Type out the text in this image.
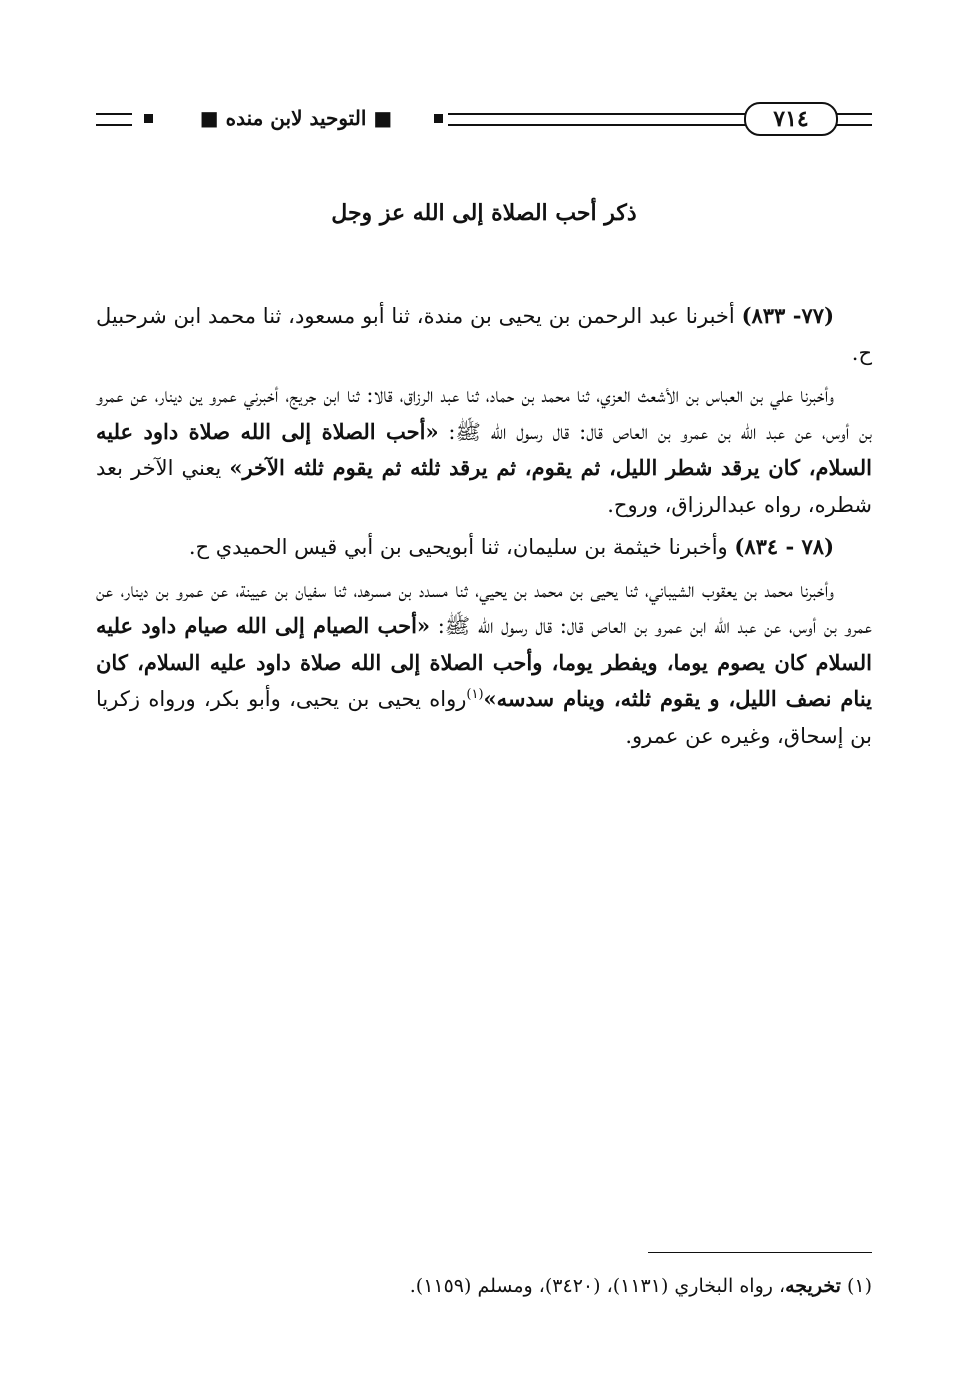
■ التوحيد لابن منده ■	٧١٤
ذكر أحب الصلاة إلى الله عز وجل

(٧٧- ٨٣٣) أخبرنا عبد الرحمن بن يحيى بن مندة، ثنا أبو مسعود، ثنا محمد ابن شرحبيل ح.

وأخبرنا علي بن العباس بن الأشعث العزي، ثنا محمد بن حماد، ثنا عبد الرزاق، قالا: ثنا ابن جريج، أخبرني عمرو ين دينار، عن عمرو بن أوس، عن عبد الله بن عمرو بن العاص قال: قال رسول الله ﷺ: «أحب الصلاة إلى الله صلاة داود عليه السلام، كان يرقد شطر الليل، ثم يقوم، ثم يرقد ثلثه ثم يقوم ثلثه الآخر» يعني الآخر بعد شطره، رواه عبدالرزاق، وروح.

(٧٨ - ٨٣٤) وأخبرنا خيثمة بن سليمان، ثنا أبويحيى بن أبي قيس الحميدي ح.

وأخبرنا محمد بن يعقوب الشيباني، ثنا يحيى بن محمد بن يحيي، ثنا مسدد بن مسرهد، ثنا سفيان بن عيينة، عن عمرو بن دينار، عن عمرو بن أوس، عن عبد الله ابن عمرو بن العاص قال: قال رسول الله ﷺ: «أحب الصيام إلى الله صيام داود عليه السلام كان يصوم يوما، ويفطر يوما، وأحب الصلاة إلى الله صلاة داود عليه السلام، كان ينام نصف الليل، و يقوم ثلثه، وينام سدسه»$^{(١)}$رواه يحيى بن يحيى، وأبو بكر، ورواه زكريا بن إسحاق، وغيره عن عمرو.

(١) تخريجه، رواه البخاري (١١٣١)، (٣٤٢٠)، ومسلم (١١٥٩).
